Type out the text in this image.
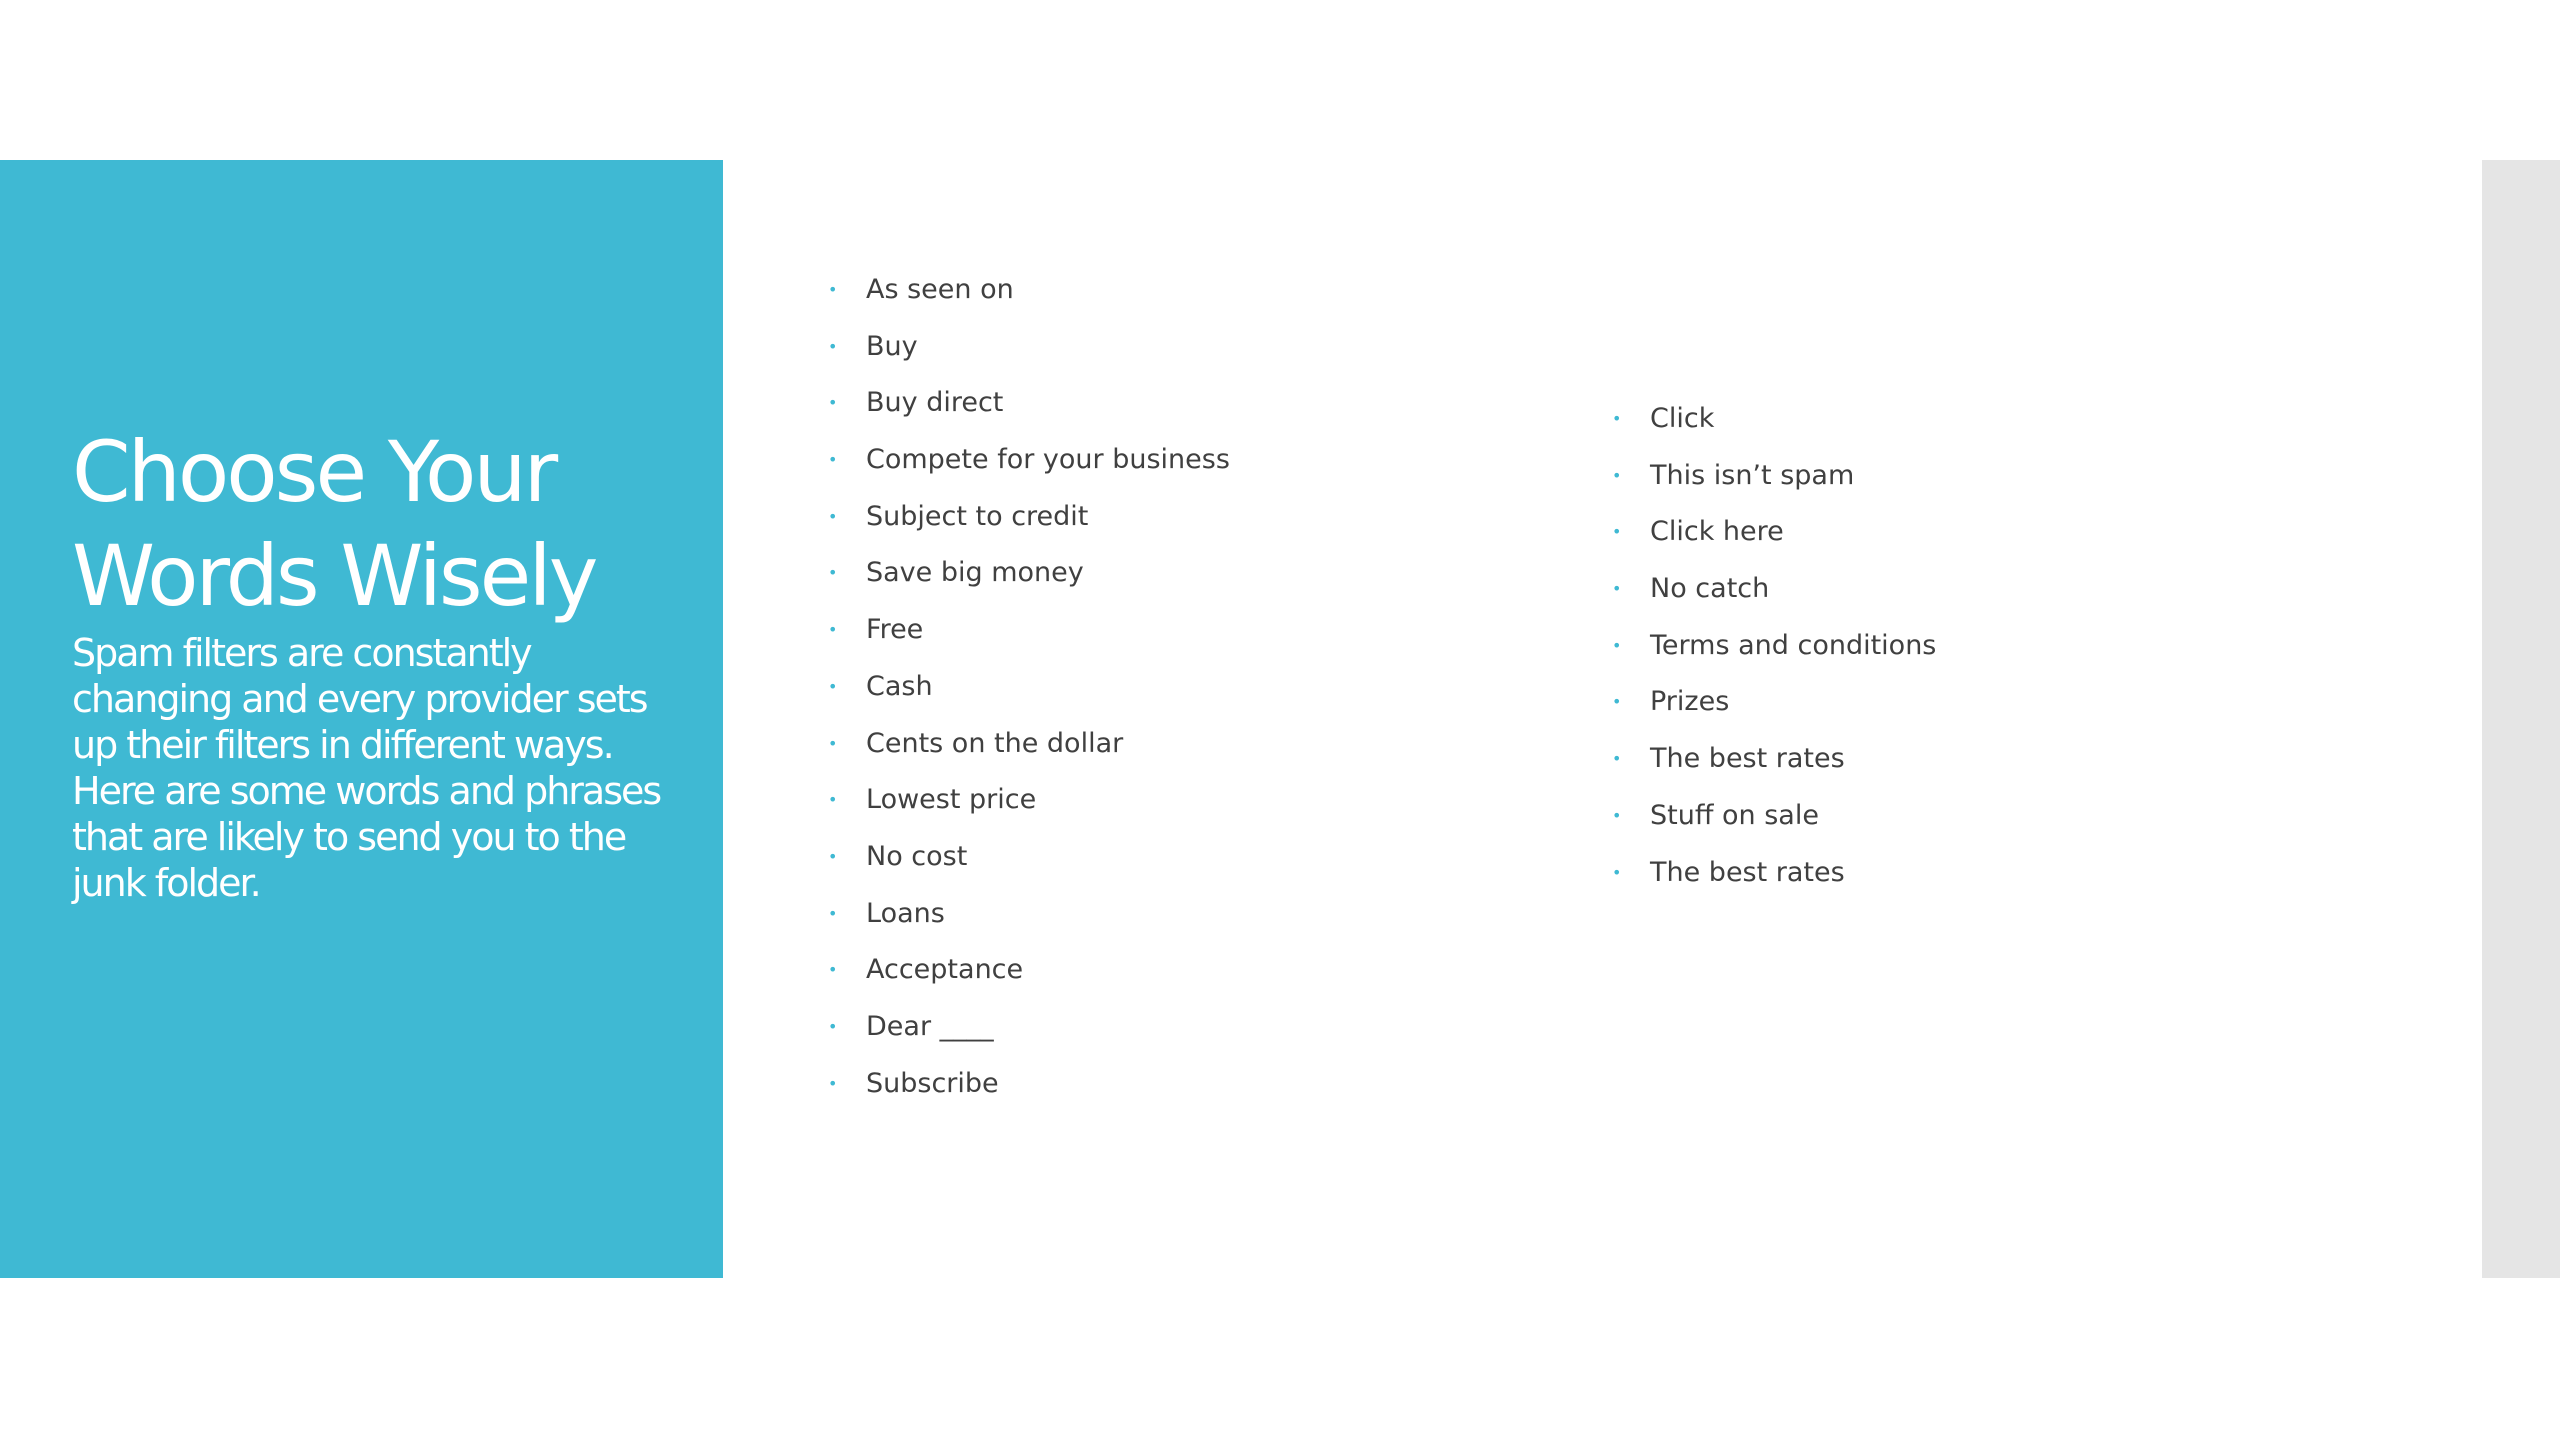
Choose Your Words Wisely

Spam filters are constantly changing and every provider sets up their filters in different ways. Here are some words and phrases that are likely to send you to the junk folder.

• As seen on
• Buy
• Buy direct
• Compete for your business
• Subject to credit
• Save big money
• Free
• Cash
• Cents on the dollar
• Lowest price
• No cost
• Loans
• Acceptance
• Dear ____
• Subscribe
• Click
• This isn’t spam
• Click here
• No catch
• Terms and conditions
• Prizes
• The best rates
• Stuff on sale
• The best rates
